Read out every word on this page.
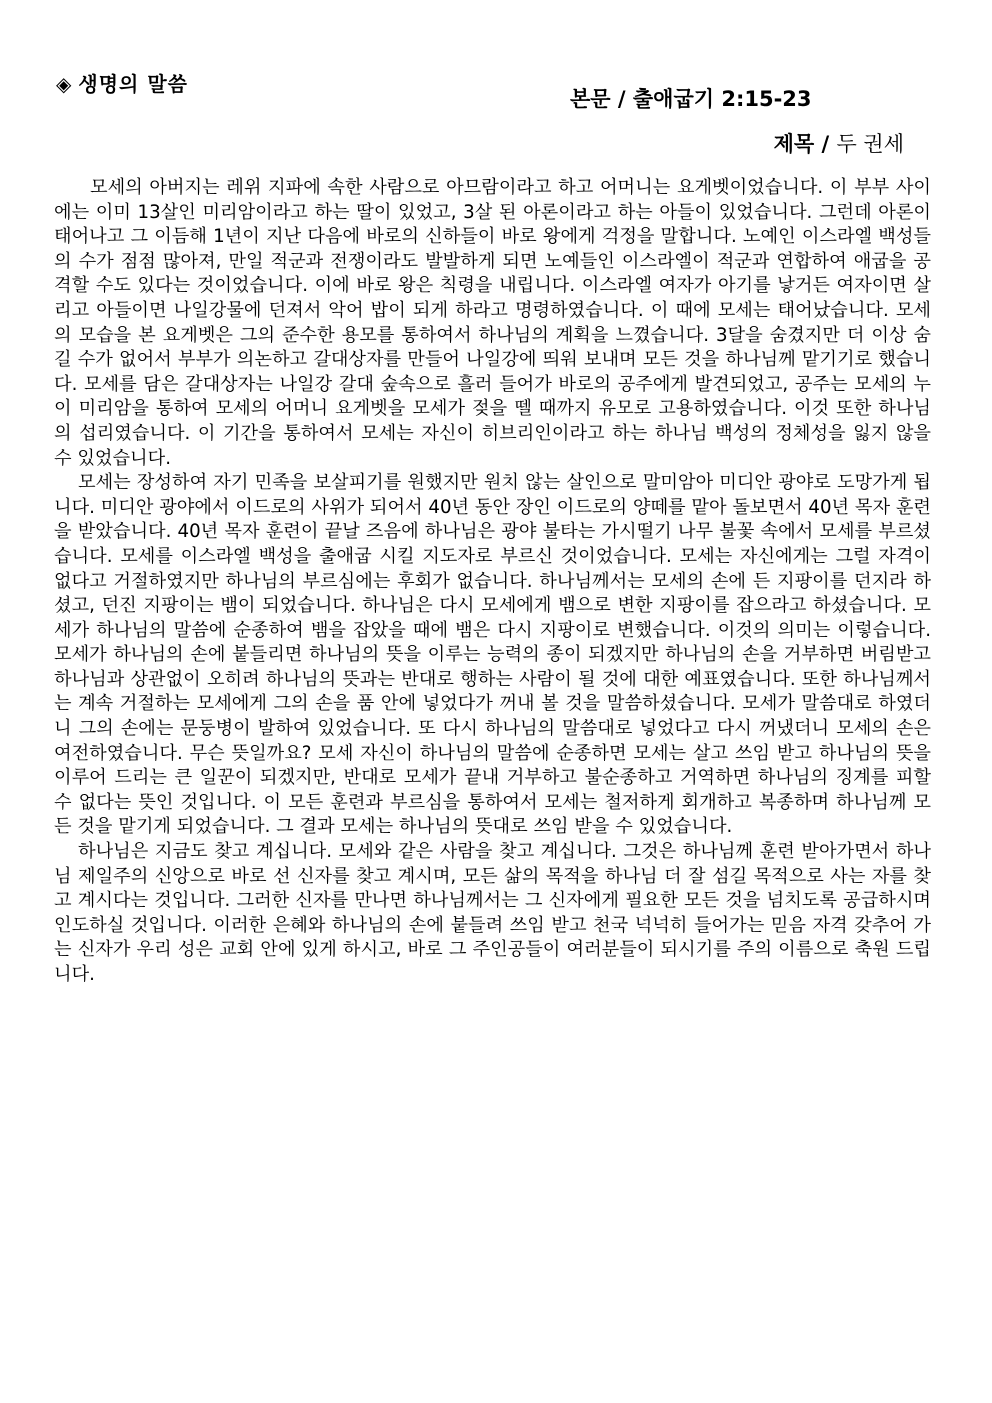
◈ 생명의 말씀
본문 / 출애굽기 2:15-23
제목 / 두 권세

모세의 아버지는 레위 지파에 속한 사람으로 아므람이라고 하고 어머니는 요게벳이었습니다. 이 부부 사이에는 이미 13살인 미리암이라고 하는 딸이 있었고, 3살 된 아론이라고 하는 아들이 있었습니다. 그런데 아론이 태어나고 그 이듬해 1년이 지난 다음에 바로의 신하들이 바로 왕에게 걱정을 말합니다. 노예인 이스라엘 백성들의 수가 점점 많아져, 만일 적군과 전쟁이라도 발발하게 되면 노예들인 이스라엘이 적군과 연합하여 애굽을 공격할 수도 있다는 것이었습니다. 이에 바로 왕은 칙령을 내립니다. 이스라엘 여자가 아기를 낳거든 여자이면 살리고 아들이면 나일강물에 던져서 악어 밥이 되게 하라고 명령하였습니다. 이 때에 모세는 태어났습니다. 모세의 모습을 본 요게벳은 그의 준수한 용모를 통하여서 하나님의 계획을 느꼈습니다. 3달을 숨겼지만 더 이상 숨길 수가 없어서 부부가 의논하고 갈대상자를 만들어 나일강에 띄워 보내며 모든 것을 하나님께 맡기기로 했습니다. 모세를 담은 갈대상자는 나일강 갈대 숲속으로 흘러 들어가 바로의 공주에게 발견되었고, 공주는 모세의 누이 미리암을 통하여 모세의 어머니 요게벳을 모세가 젖을 뗄 때까지 유모로 고용하였습니다. 이것 또한 하나님의 섭리였습니다. 이 기간을 통하여서 모세는 자신이 히브리인이라고 하는 하나님 백성의 정체성을 잃지 않을 수 있었습니다.

모세는 장성하여 자기 민족을 보살피기를 원했지만 원치 않는 살인으로 말미암아 미디안 광야로 도망가게 됩니다. 미디안 광야에서 이드로의 사위가 되어서 40년 동안 장인 이드로의 양떼를 맡아 돌보면서 40년 목자 훈련을 받았습니다. 40년 목자 훈련이 끝날 즈음에 하나님은 광야 불타는 가시떨기 나무 불꽃 속에서 모세를 부르셨습니다. 모세를 이스라엘 백성을 출애굽 시킬 지도자로 부르신 것이었습니다. 모세는 자신에게는 그럴 자격이 없다고 거절하였지만 하나님의 부르심에는 후회가 없습니다. 하나님께서는 모세의 손에 든 지팡이를 던지라 하셨고, 던진 지팡이는 뱀이 되었습니다. 하나님은 다시 모세에게 뱀으로 변한 지팡이를 잡으라고 하셨습니다. 모세가 하나님의 말씀에 순종하여 뱀을 잡았을 때에 뱀은 다시 지팡이로 변했습니다. 이것의 의미는 이렇습니다. 모세가 하나님의 손에 붙들리면 하나님의 뜻을 이루는 능력의 종이 되겠지만 하나님의 손을 거부하면 버림받고 하나님과 상관없이 오히려 하나님의 뜻과는 반대로 행하는 사람이 될 것에 대한 예표였습니다. 또한 하나님께서는 계속 거절하는 모세에게 그의 손을 품 안에 넣었다가 꺼내 볼 것을 말씀하셨습니다. 모세가 말씀대로 하였더니 그의 손에는 문둥병이 발하여 있었습니다. 또 다시 하나님의 말씀대로 넣었다고 다시 꺼냈더니 모세의 손은 여전하였습니다. 무슨 뜻일까요? 모세 자신이 하나님의 말씀에 순종하면 모세는 살고 쓰임 받고 하나님의 뜻을 이루어 드리는 큰 일꾼이 되겠지만, 반대로 모세가 끝내 거부하고 불순종하고 거역하면 하나님의 징계를 피할 수 없다는 뜻인 것입니다. 이 모든 훈련과 부르심을 통하여서 모세는 철저하게 회개하고 복종하며 하나님께 모든 것을 맡기게 되었습니다. 그 결과 모세는 하나님의 뜻대로 쓰임 받을 수 있었습니다.

하나님은 지금도 찾고 계십니다. 모세와 같은 사람을 찾고 계십니다. 그것은 하나님께 훈련 받아가면서 하나님 제일주의 신앙으로 바로 선 신자를 찾고 계시며, 모든 삶의 목적을 하나님 더 잘 섬길 목적으로 사는 자를 찾고 계시다는 것입니다. 그러한 신자를 만나면 하나님께서는 그 신자에게 필요한 모든 것을 넘치도록 공급하시며 인도하실 것입니다. 이러한 은혜와 하나님의 손에 붙들려 쓰임 받고 천국 넉넉히 들어가는 믿음 자격 갖추어 가는 신자가 우리 성은 교회 안에 있게 하시고, 바로 그 주인공들이 여러분들이 되시기를 주의 이름으로 축원 드립니다.
